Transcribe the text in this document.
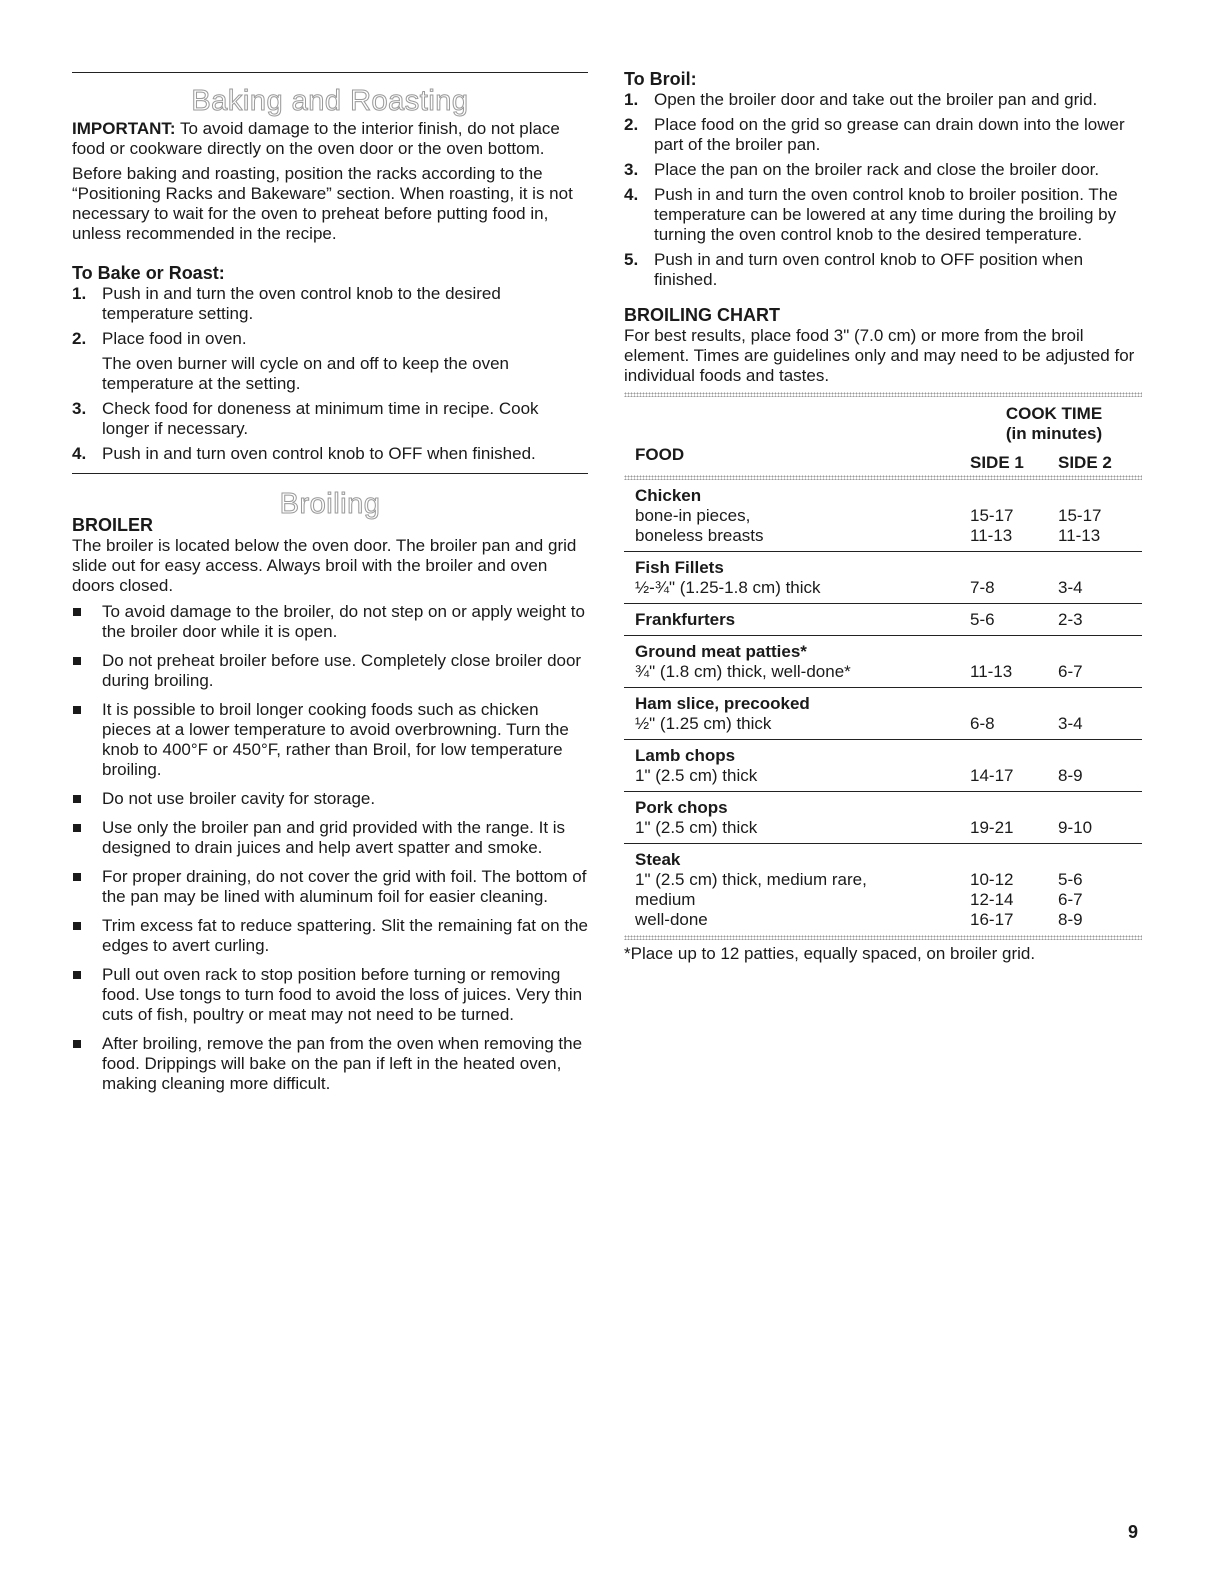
Baking and Roasting

IMPORTANT: To avoid damage to the interior finish, do not place food or cookware directly on the oven door or the oven bottom.

Before baking and roasting, position the racks according to the “Positioning Racks and Bakeware” section. When roasting, it is not necessary to wait for the oven to preheat before putting food in, unless recommended in the recipe.

To Bake or Roast:
1. Push in and turn the oven control knob to the desired temperature setting.
2. Place food in oven.

The oven burner will cycle on and off to keep the oven temperature at the setting.

3. Check food for doneness at minimum time in recipe. Cook longer if necessary.
4. Push in and turn oven control knob to OFF when finished.
Broiling
BROILER

The broiler is located below the oven door. The broiler pan and grid slide out for easy access. Always broil with the broiler and oven doors closed.

To avoid damage to the broiler, do not step on or apply weight to the broiler door while it is open.
Do not preheat broiler before use. Completely close broiler door during broiling.
It is possible to broil longer cooking foods such as chicken pieces at a lower temperature to avoid overbrowning. Turn the knob to 400°F or 450°F, rather than Broil, for low temperature broiling.
Do not use broiler cavity for storage.
Use only the broiler pan and grid provided with the range. It is designed to drain juices and help avert spatter and smoke.
For proper draining, do not cover the grid with foil. The bottom of the pan may be lined with aluminum foil for easier cleaning.
Trim excess fat to reduce spattering. Slit the remaining fat on the edges to avert curling.
Pull out oven rack to stop position before turning or removing food. Use tongs to turn food to avoid the loss of juices. Very thin cuts of fish, poultry or meat may not need to be turned.
After broiling, remove the pan from the oven when removing the food. Drippings will bake on the pan if left in the heated oven, making cleaning more difficult.
To Broil:
1. Open the broiler door and take out the broiler pan and grid.
2. Place food on the grid so grease can drain down into the lower part of the broiler pan.
3. Place the pan on the broiler rack and close the broiler door.
4. Push in and turn the oven control knob to broiler position. The temperature can be lowered at any time during the broiling by turning the oven control knob to the desired temperature.
5. Push in and turn oven control knob to OFF position when finished.
BROILING CHART

For best results, place food 3" (7.0 cm) or more from the broil element. Times are guidelines only and may need to be adjusted for individual foods and tastes.

COOK TIME
(in minutes)
FOOD	SIDE 1 SIDE 2
Chicken
bone-in pieces,	15-17	15-17
boneless breasts	11-13	11-13
Fish Fillets
½-¾" (1.25-1.8 cm) thick	7-8	3-4
Frankfurters	5-6	2-3
Ground meat patties*
¾" (1.8 cm) thick, well-done*	11-13	6-7
Ham slice, precooked
½" (1.25 cm) thick	6-8	3-4
Lamb chops
1" (2.5 cm) thick	14-17	8-9
Pork chops
1" (2.5 cm) thick	19-21	9-10
Steak
1" (2.5 cm) thick, medium rare,	10-12	5-6
medium	12-14	6-7
well-done	16-17	8-9

*Place up to 12 patties, equally spaced, on broiler grid.

9
